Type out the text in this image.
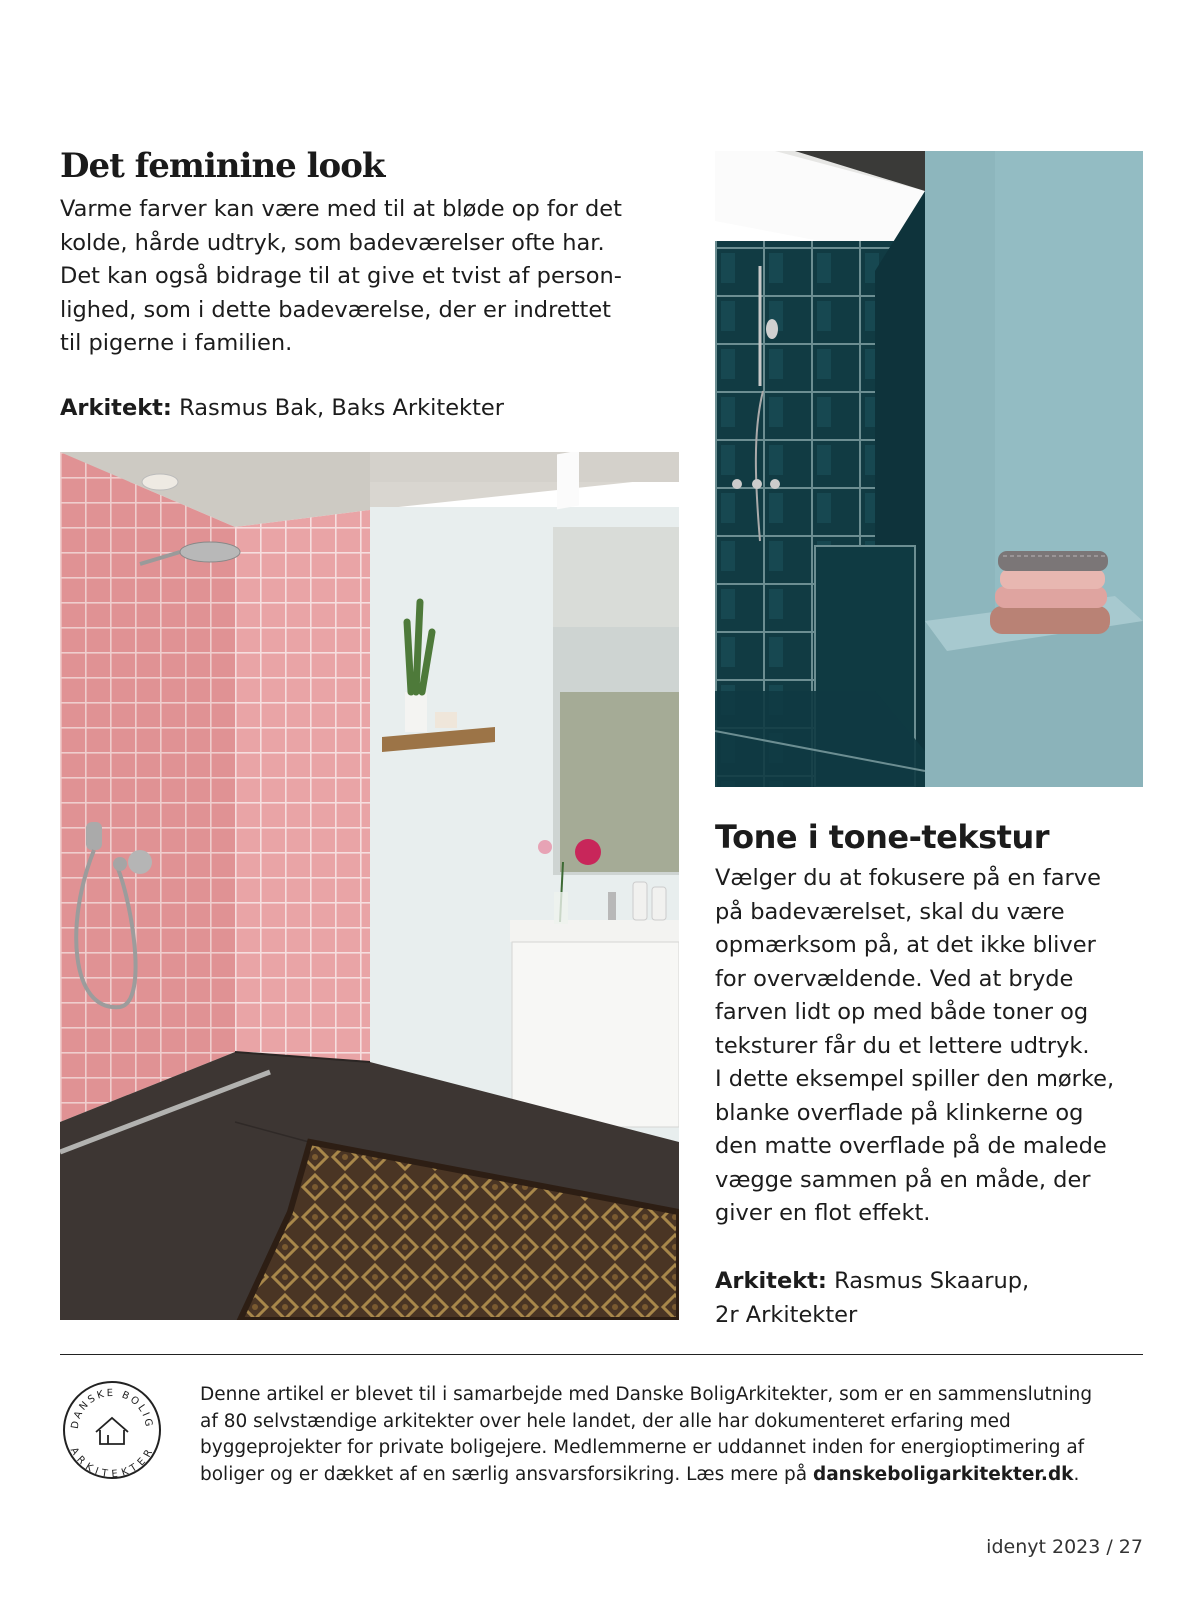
Det feminine look
Varme farver kan være med til at bløde op for det
kolde, hårde udtryk, som badeværelser ofte har.
Det kan også bidrage til at give et tvist af person-
lighed, som i dette badeværelse, der er indrettet
til pigerne i familien.
Arkitekt: Rasmus Bak, Baks Arkitekter
Tone i tone-tekstur
Vælger du at fokusere på en farve
på badeværelset, skal du være
opmærksom på, at det ikke bliver
for overvældende. Ved at bryde
farven lidt op med både toner og
teksturer får du et lettere udtryk.
I dette eksempel spiller den mørke,
blanke overflade på klinkerne og
den matte overflade på de malede
vægge sammen på en måde, der
giver en flot effekt.
Arkitekt: Rasmus Skaarup,
2r Arkitekter
DANSKE BOLIG
ARKITEKTER
Denne artikel er blevet til i samarbejde med Danske BoligArkitekter, som er en sammenslutning
af 80 selvstændige arkitekter over hele landet, der alle har dokumenteret erfaring med
byggeprojekter for private boligejere. Medlemmerne er uddannet inden for energioptimering af
boliger og er dækket af en særlig ansvarsforsikring. Læs mere på danskeboligarkitekter.dk.
idenyt 2023 / 27
